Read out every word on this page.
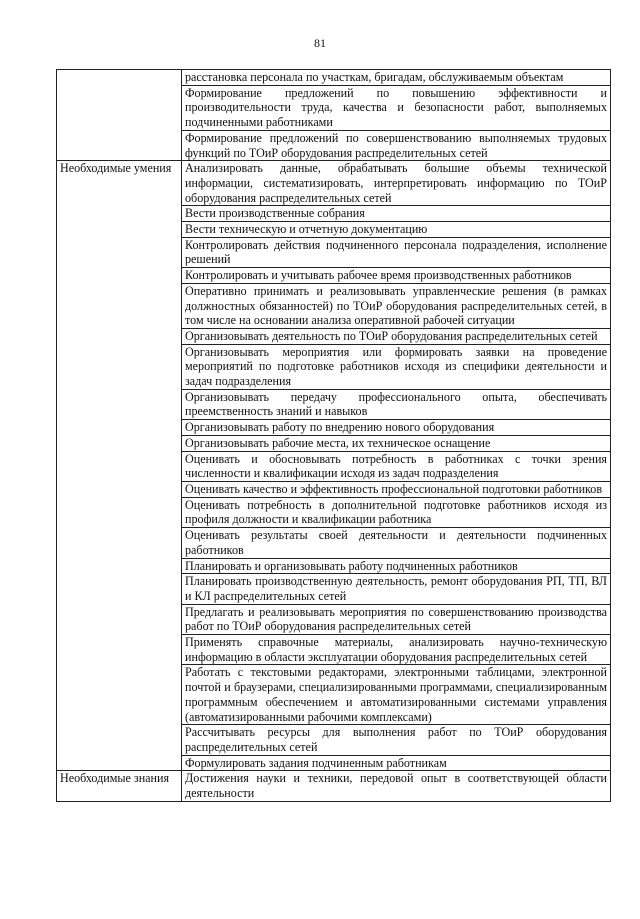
81
	расстановка персонала по участкам, бригадам, обслуживаемым объектам
	Формирование предложений по повышению эффективности и производительности труда, качества и безопасности работ, выполняемых подчиненными работниками
	Формирование предложений по совершенствованию выполняемых трудовых функций по ТОиР оборудования распределительных сетей
Необходимые умения	Анализировать данные, обрабатывать большие объемы технической информации, систематизировать, интерпретировать информацию по ТОиР оборудования распределительных сетей
	Вести производственные собрания
	Вести техническую и отчетную документацию
	Контролировать действия подчиненного персонала подразделения, исполнение решений
	Контролировать и учитывать рабочее время производственных работников
	Оперативно принимать и реализовывать управленческие решения (в рамках должностных обязанностей) по ТОиР оборудования распределительных сетей, в том числе на основании анализа оперативной рабочей ситуации
	Организовывать деятельность по ТОиР оборудования распределительных сетей
	Организовывать мероприятия или формировать заявки на проведение мероприятий по подготовке работников исходя из специфики деятельности и задач подразделения
	Организовывать передачу профессионального опыта, обеспечивать преемственность знаний и навыков
	Организовывать работу по внедрению нового оборудования
	Организовывать рабочие места, их техническое оснащение
	Оценивать и обосновывать потребность в работниках с точки зрения численности и квалификации исходя из задач подразделения
	Оценивать качество и эффективность профессиональной подготовки работников
	Оценивать потребность в дополнительной подготовке работников исходя из профиля должности и квалификации работника
	Оценивать результаты своей деятельности и деятельности подчиненных работников
	Планировать и организовывать работу подчиненных работников
	Планировать производственную деятельность, ремонт оборудования РП, ТП, ВЛ и КЛ распределительных сетей
	Предлагать и реализовывать мероприятия по совершенствованию производства работ по ТОиР оборудования распределительных сетей
	Применять справочные материалы, анализировать научно-техническую информацию в области эксплуатации оборудования распределительных сетей
	Работать с текстовыми редакторами, электронными таблицами, электронной почтой и браузерами, специализированными программами, специализированным программным обеспечением и автоматизированными системами управления (автоматизированными рабочими комплексами)
	Рассчитывать ресурсы для выполнения работ по ТОиР оборудования распределительных сетей
	Формулировать задания подчиненным работникам
Необходимые знания	Достижения науки и техники, передовой опыт в соответствующей области деятельности
